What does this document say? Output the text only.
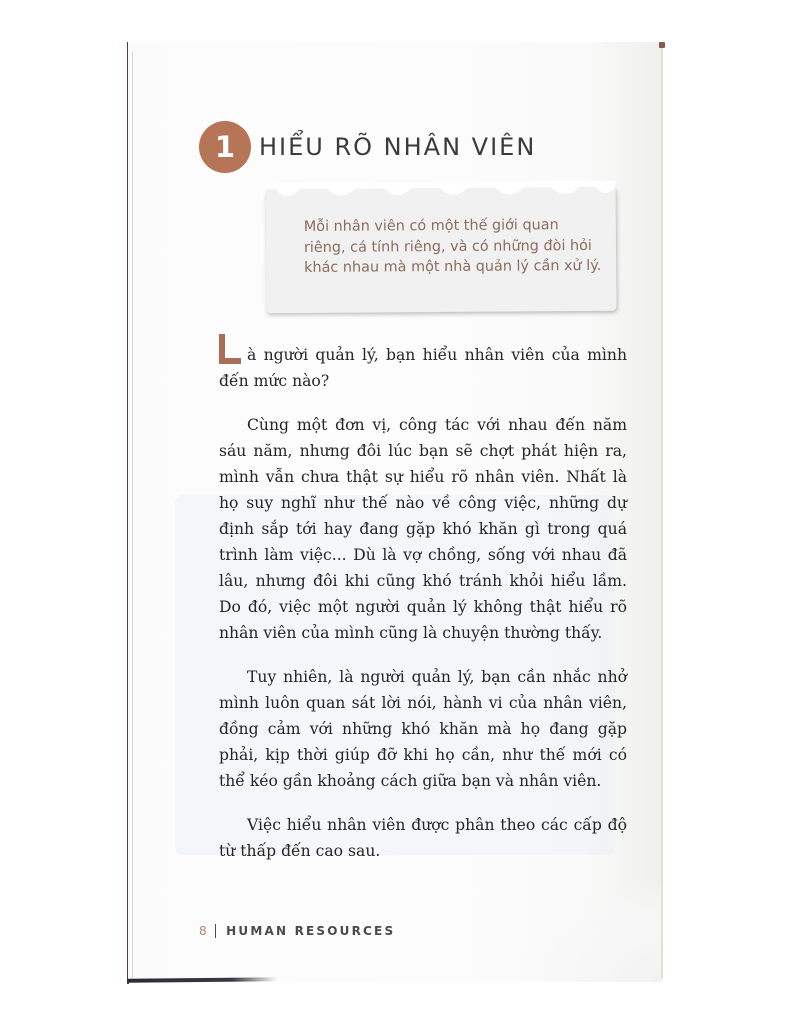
1 HIỂU RÕ NHÂN VIÊN
Mỗi nhân viên có một thế giới quan
riêng, cá tính riêng, và có những đòi hỏi
khác nhau mà một nhà quản lý cần xử lý.

à người quản lý, bạn hiểu nhân viên của mình đến mức nào?

Cùng một đơn vị, công tác với nhau đến năm sáu năm, nhưng đôi lúc bạn sẽ chợt phát hiện ra, mình vẫn chưa thật sự hiểu rõ nhân viên. Nhất là họ suy nghĩ như thế nào về công việc, những dự định sắp tới hay đang gặp khó khăn gì trong quá trình làm việc... Dù là vợ chồng, sống với nhau đã lâu, nhưng đôi khi cũng khó tránh khỏi hiểu lầm. Do đó, việc một người quản lý không thật hiểu rõ nhân viên của mình cũng là chuyện thường thấy.

Tuy nhiên, là người quản lý, bạn cần nhắc nhở mình luôn quan sát lời nói, hành vi của nhân viên, đồng cảm với những khó khăn mà họ đang gặp phải, kịp thời giúp đỡ khi họ cần, như thế mới có thể kéo gần khoảng cách giữa bạn và nhân viên.

Việc hiểu nhân viên được phân theo các cấp độ từ thấp đến cao sau.

8 HUMAN RESOURCES
